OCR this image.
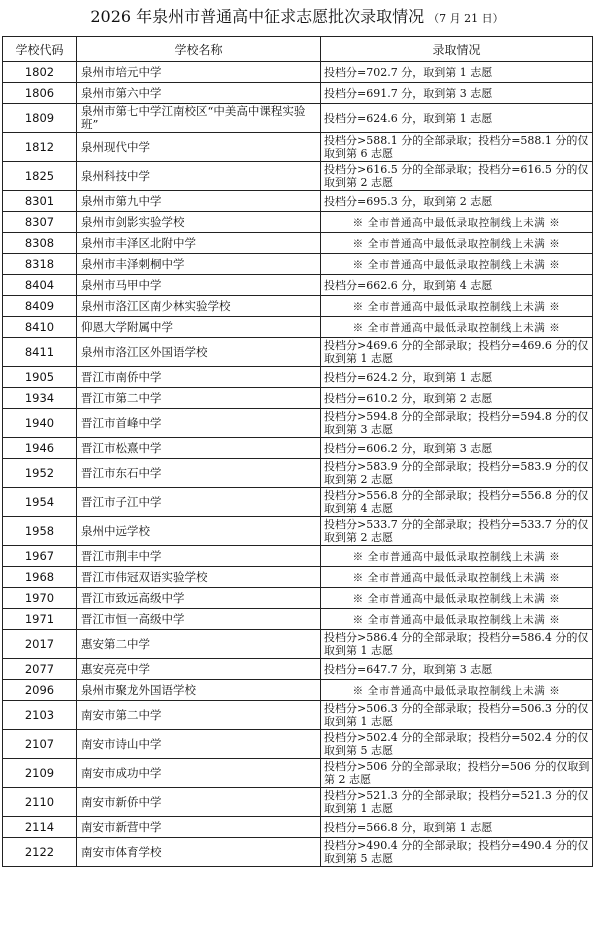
2026 年泉州市普通高中征求志愿批次录取情况 （7 月 21 日）
学校代码	学校名称	录取情况
1802	泉州市培元中学	投档分=702.7 分，取到第 1 志愿
1806	泉州市第六中学	投档分=691.7 分，取到第 3 志愿
1809	泉州市第七中学江南校区“中美高中课程实验班”	投档分=624.6 分，取到第 1 志愿
1812	泉州现代中学	投档分>588.1 分的全部录取；投档分=588.1 分的仅取到第 6 志愿
1825	泉州科技中学	投档分>616.5 分的全部录取；投档分=616.5 分的仅取到第 2 志愿
8301	泉州市第九中学	投档分=695.3 分，取到第 2 志愿
8307	泉州市剑影实验学校	※ 全市普通高中最低录取控制线上未满 ※
8308	泉州市丰泽区北附中学	※ 全市普通高中最低录取控制线上未满 ※
8318	泉州市丰泽刺桐中学	※ 全市普通高中最低录取控制线上未满 ※
8404	泉州市马甲中学	投档分=662.6 分，取到第 4 志愿
8409	泉州市洛江区南少林实验学校	※ 全市普通高中最低录取控制线上未满 ※
8410	仰恩大学附属中学	※ 全市普通高中最低录取控制线上未满 ※
8411	泉州市洛江区外国语学校	投档分>469.6 分的全部录取；投档分=469.6 分的仅取到第 1 志愿
1905	晋江市南侨中学	投档分=624.2 分，取到第 1 志愿
1934	晋江市第二中学	投档分=610.2 分，取到第 2 志愿
1940	晋江市首峰中学	投档分>594.8 分的全部录取；投档分=594.8 分的仅取到第 3 志愿
1946	晋江市松熹中学	投档分=606.2 分，取到第 3 志愿
1952	晋江市东石中学	投档分>583.9 分的全部录取；投档分=583.9 分的仅取到第 2 志愿
1954	晋江市子江中学	投档分>556.8 分的全部录取；投档分=556.8 分的仅取到第 4 志愿
1958	泉州中远学校	投档分>533.7 分的全部录取；投档分=533.7 分的仅取到第 2 志愿
1967	晋江市荆丰中学	※ 全市普通高中最低录取控制线上未满 ※
1968	晋江市伟冠双语实验学校	※ 全市普通高中最低录取控制线上未满 ※
1970	晋江市致远高级中学	※ 全市普通高中最低录取控制线上未满 ※
1971	晋江市恒一高级中学	※ 全市普通高中最低录取控制线上未满 ※
2017	惠安第二中学	投档分>586.4 分的全部录取；投档分=586.4 分的仅取到第 1 志愿
2077	惠安亮亮中学	投档分=647.7 分，取到第 3 志愿
2096	泉州市聚龙外国语学校	※ 全市普通高中最低录取控制线上未满 ※
2103	南安市第二中学	投档分>506.3 分的全部录取；投档分=506.3 分的仅取到第 1 志愿
2107	南安市诗山中学	投档分>502.4 分的全部录取；投档分=502.4 分的仅取到第 5 志愿
2109	南安市成功中学	投档分>506 分的全部录取；投档分=506 分的仅取到第 2 志愿
2110	南安市新侨中学	投档分>521.3 分的全部录取；投档分=521.3 分的仅取到第 1 志愿
2114	南安市新营中学	投档分=566.8 分，取到第 1 志愿
2122	南安市体育学校	投档分>490.4 分的全部录取；投档分=490.4 分的仅取到第 5 志愿
